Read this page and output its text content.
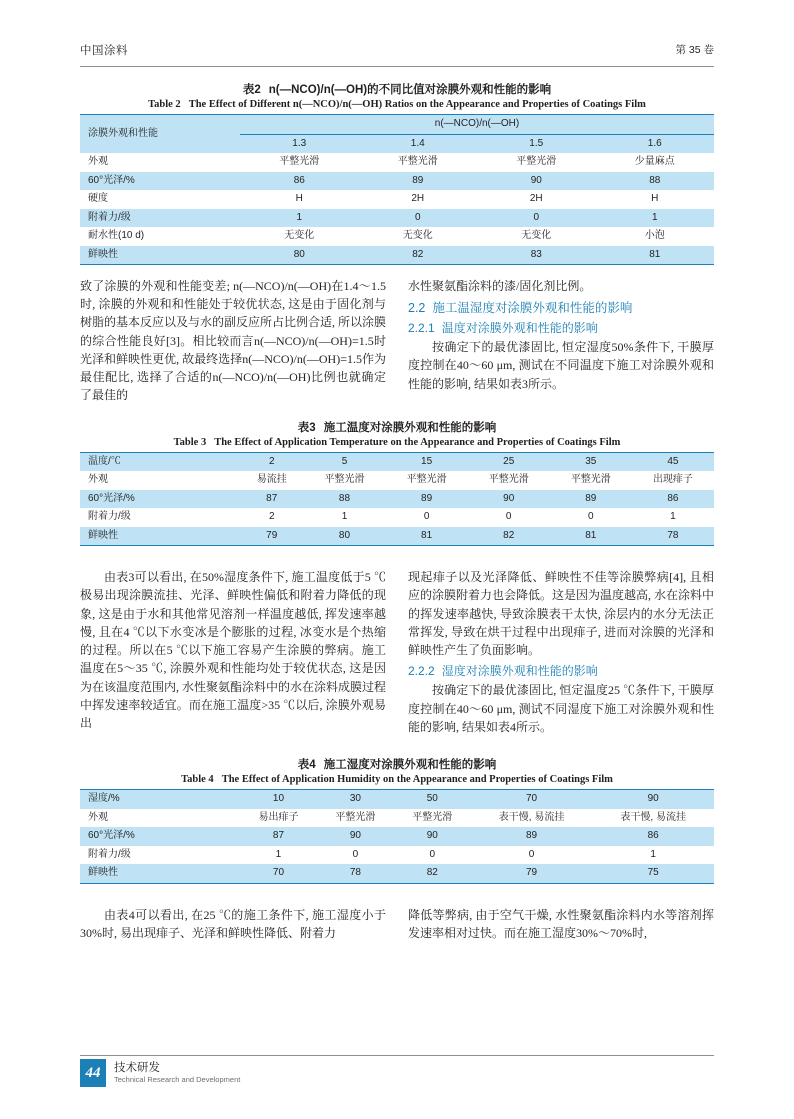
中国涂料	第 35 卷
表2 n(—NCO)/n(—OH)的不同比值对涂膜外观和性能的影响
Table 2 The Effect of Different n(—NCO)/n(—OH) Ratios on the Appearance and Properties of Coatings Film
涂膜外观和性能	n(—NCO)/n(—OH)			
	1.3	1.4	1.5	1.6
外观	平整光滑	平整光滑	平整光滑	少量麻点
60°光泽/%	86	89	90	88
硬度	H	2H	2H	H
附着力/级	1	0	0	1
耐水性(10 d)	无变化	无变化	无变化	小泡
鲜映性	80	82	83	81

致了涂膜的外观和性能变差; n(—NCO)/n(—OH)在1.4～1.5时, 涂膜的外观和和性能处于较优状态, 这是由于固化剂与树脂的基本反应以及与水的副反应所占比例合适, 所以涂膜的综合性能良好[3]。相比较而言n(—NCO)/n(—OH)=1.5时光泽和鲜映性更优, 故最终选择n(—NCO)/n(—OH)=1.5作为最佳配比, 选择了合适的n(—NCO)/n(—OH)比例也就确定了最佳的

水性聚氨酯涂料的漆/固化剂比例。

2.2 施工温湿度对涂膜外观和性能的影响
2.2.1 温度对涂膜外观和性能的影响

按确定下的最优漆固比, 恒定湿度50%条件下, 干膜厚度控制在40～60 μm, 测试在不同温度下施工对涂膜外观和性能的影响, 结果如表3所示。

表3 施工温度对涂膜外观和性能的影响
Table 3 The Effect of Application Temperature on the Appearance and Properties of Coatings Film
温度/℃	2	5	15	25	35	45
外观	易流挂	平整光滑	平整光滑	平整光滑	平整光滑	出现痱子
60°光泽/%	87	88	89	90	89	86
附着力/级	2	1	0	0	0	1
鲜映性	79	80	81	82	81	78

由表3可以看出, 在50%湿度条件下, 施工温度低于5 ℃极易出现涂膜流挂、光泽、鲜映性偏低和附着力降低的现象, 这是由于水和其他常见溶剂一样温度越低, 挥发速率越慢, 且在4 ℃以下水变冰是个膨胀的过程, 冰变水是个热缩的过程。所以在5 ℃以下施工容易产生涂膜的弊病。施工温度在5～35 ℃, 涂膜外观和性能均处于较优状态, 这是因为在该温度范围内, 水性聚氨酯涂料中的水在涂料成膜过程中挥发速率较适宜。而在施工温度>35 ℃以后, 涂膜外观易出

现起痱子以及光泽降低、鲜映性不佳等涂膜弊病[4], 且相应的涂膜附着力也会降低。这是因为温度越高, 水在涂料中的挥发速率越快, 导致涂膜表干太快, 涂层内的水分无法正常挥发, 导致在烘干过程中出现痱子, 进而对涂膜的光泽和鲜映性产生了负面影响。

2.2.2 湿度对涂膜外观和性能的影响

按确定下的最优漆固比, 恒定温度25 ℃条件下, 干膜厚度控制在40～60 μm, 测试不同湿度下施工对涂膜外观和性能的影响, 结果如表4所示。

表4 施工湿度对涂膜外观和性能的影响
Table 4 The Effect of Application Humidity on the Appearance and Properties of Coatings Film
湿度/%	10	30	50	70	90
外观	易出痱子	平整光滑	平整光滑	表干慢, 易流挂	表干慢, 易流挂
60°光泽/%	87	90	90	89	86
附着力/级	1	0	0	0	1
鲜映性	70	78	82	79	75

由表4可以看出, 在25 ℃的施工条件下, 施工湿度小于30%时, 易出现痱子、光泽和鲜映性降低、附着力

降低等弊病, 由于空气干燥, 水性聚氨酯涂料内水等溶剂挥发速率相对过快。而在施工湿度30%～70%时,

44	技术研发
Technical Research and Development
